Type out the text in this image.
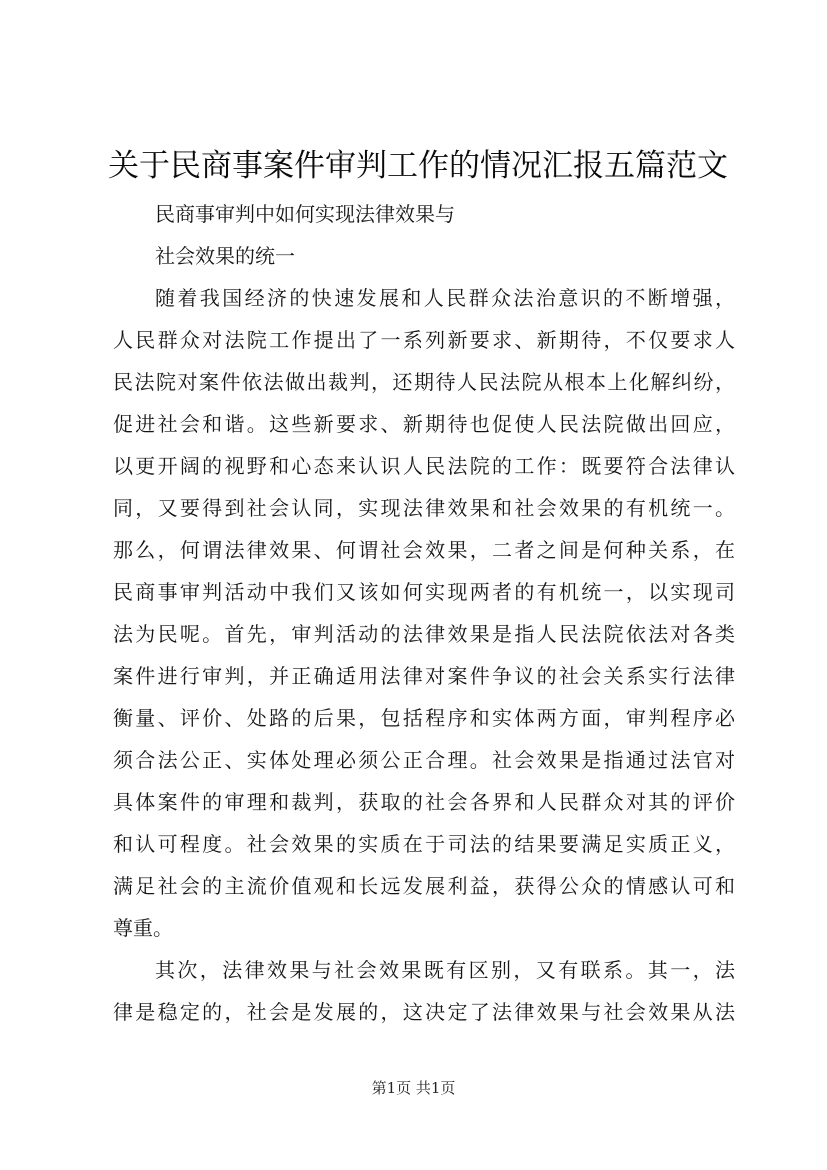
关于民商事案件审判工作的情况汇报五篇范文
民商事审判中如何实现法律效果与
社会效果的统一
随着我国经济的快速发展和人民群众法治意识的不断增强，
人民群众对法院工作提出了一系列新要求、新期待，不仅要求人
民法院对案件依法做出裁判，还期待人民法院从根本上化解纠纷，
促进社会和谐。这些新要求、新期待也促使人民法院做出回应，
以更开阔的视野和心态来认识人民法院的工作：既要符合法律认
同，又要得到社会认同，实现法律效果和社会效果的有机统一。
那么，何谓法律效果、何谓社会效果，二者之间是何种关系，在
民商事审判活动中我们又该如何实现两者的有机统一，以实现司
法为民呢。首先，审判活动的法律效果是指人民法院依法对各类
案件进行审判，并正确适用法律对案件争议的社会关系实行法律
衡量、评价、处路的后果，包括程序和实体两方面，审判程序必
须合法公正、实体处理必须公正合理。社会效果是指通过法官对
具体案件的审理和裁判，获取的社会各界和人民群众对其的评价
和认可程度。社会效果的实质在于司法的结果要满足实质正义，
满足社会的主流价值观和长远发展利益，获得公众的情感认可和
尊重。
其次，法律效果与社会效果既有区别，又有联系。其一，法
律是稳定的，社会是发展的，这决定了法律效果与社会效果从法
第1页 共1页
